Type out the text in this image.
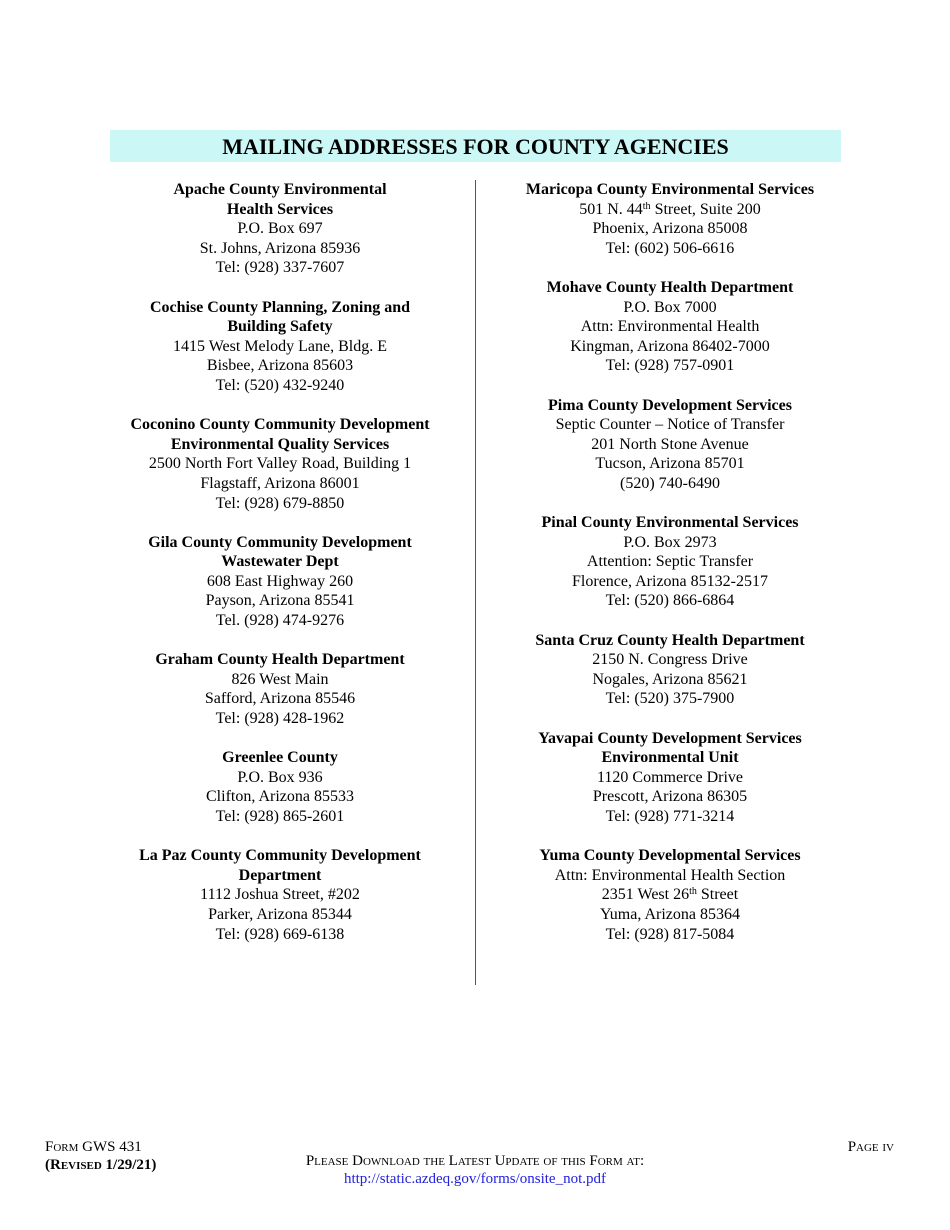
MAILING ADDRESSES FOR COUNTY AGENCIES
Apache County Environmental
Health Services
P.O. Box 697
St. Johns, Arizona 85936
Tel: (928) 337-7607
Cochise County Planning, Zoning and
Building Safety
1415 West Melody Lane, Bldg. E
Bisbee, Arizona 85603
Tel: (520) 432-9240
Coconino County Community Development
Environmental Quality Services
2500 North Fort Valley Road, Building 1
Flagstaff, Arizona 86001
Tel: (928) 679-8850
Gila County Community Development
Wastewater Dept
608 East Highway 260
Payson, Arizona 85541
Tel. (928) 474-9276
Graham County Health Department
826 West Main
Safford, Arizona 85546
Tel: (928) 428-1962
Greenlee County
P.O. Box 936
Clifton, Arizona 85533
Tel: (928) 865-2601
La Paz County Community Development
Department
1112 Joshua Street, #202
Parker, Arizona 85344
Tel: (928) 669-6138
Maricopa County Environmental Services
501 N. 44th Street, Suite 200
Phoenix, Arizona 85008
Tel: (602) 506-6616
Mohave County Health Department
P.O. Box 7000
Attn: Environmental Health
Kingman, Arizona 86402-7000
Tel: (928) 757-0901
Pima County Development Services
Septic Counter – Notice of Transfer
201 North Stone Avenue
Tucson, Arizona 85701
(520) 740-6490
Pinal County Environmental Services
P.O. Box 2973
Attention: Septic Transfer
Florence, Arizona 85132-2517
Tel: (520) 866-6864
Santa Cruz County Health Department
2150 N. Congress Drive
Nogales, Arizona 85621
Tel: (520) 375-7900
Yavapai County Development Services
Environmental Unit
1120 Commerce Drive
Prescott, Arizona 86305
Tel: (928) 771-3214
Yuma County Developmental Services
Attn: Environmental Health Section
2351 West 26th Street
Yuma, Arizona 85364
Tel: (928) 817-5084
Form GWS 431
(Revised 1/29/21)	Please Download the Latest Update of this Form at:
http://static.azdeq.gov/forms/onsite_not.pdf
Page iv
